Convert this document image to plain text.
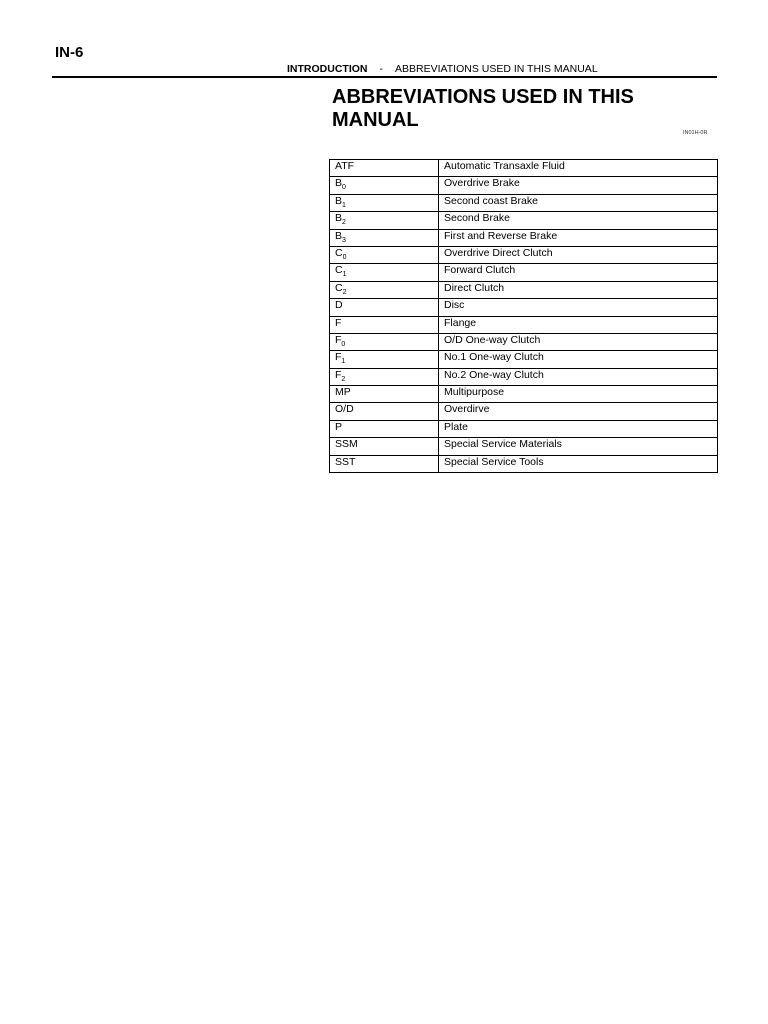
IN-6
INTRODUCTION - ABBREVIATIONS USED IN THIS MANUAL
ABBREVIATIONS USED IN THIS MANUAL
IN01H-0R
ATF	Automatic Transaxle Fluid
$B_0$	Overdrive Brake
$B_1$	Second coast Brake
$B_2$	Second Brake
$B_3$	First and Reverse Brake
$C_0$	Overdrive Direct Clutch
$C_1$	Forward Clutch
$C_2$	Direct Clutch
D	Disc
F	Flange
$F_0$	O/D One-way Clutch
$F_1$	No.1 One-way Clutch
$F_2$	No.2 One-way Clutch
MP	Multipurpose
O/D	Overdirve
P	Plate
SSM	Special Service Materials
SST	Special Service Tools
